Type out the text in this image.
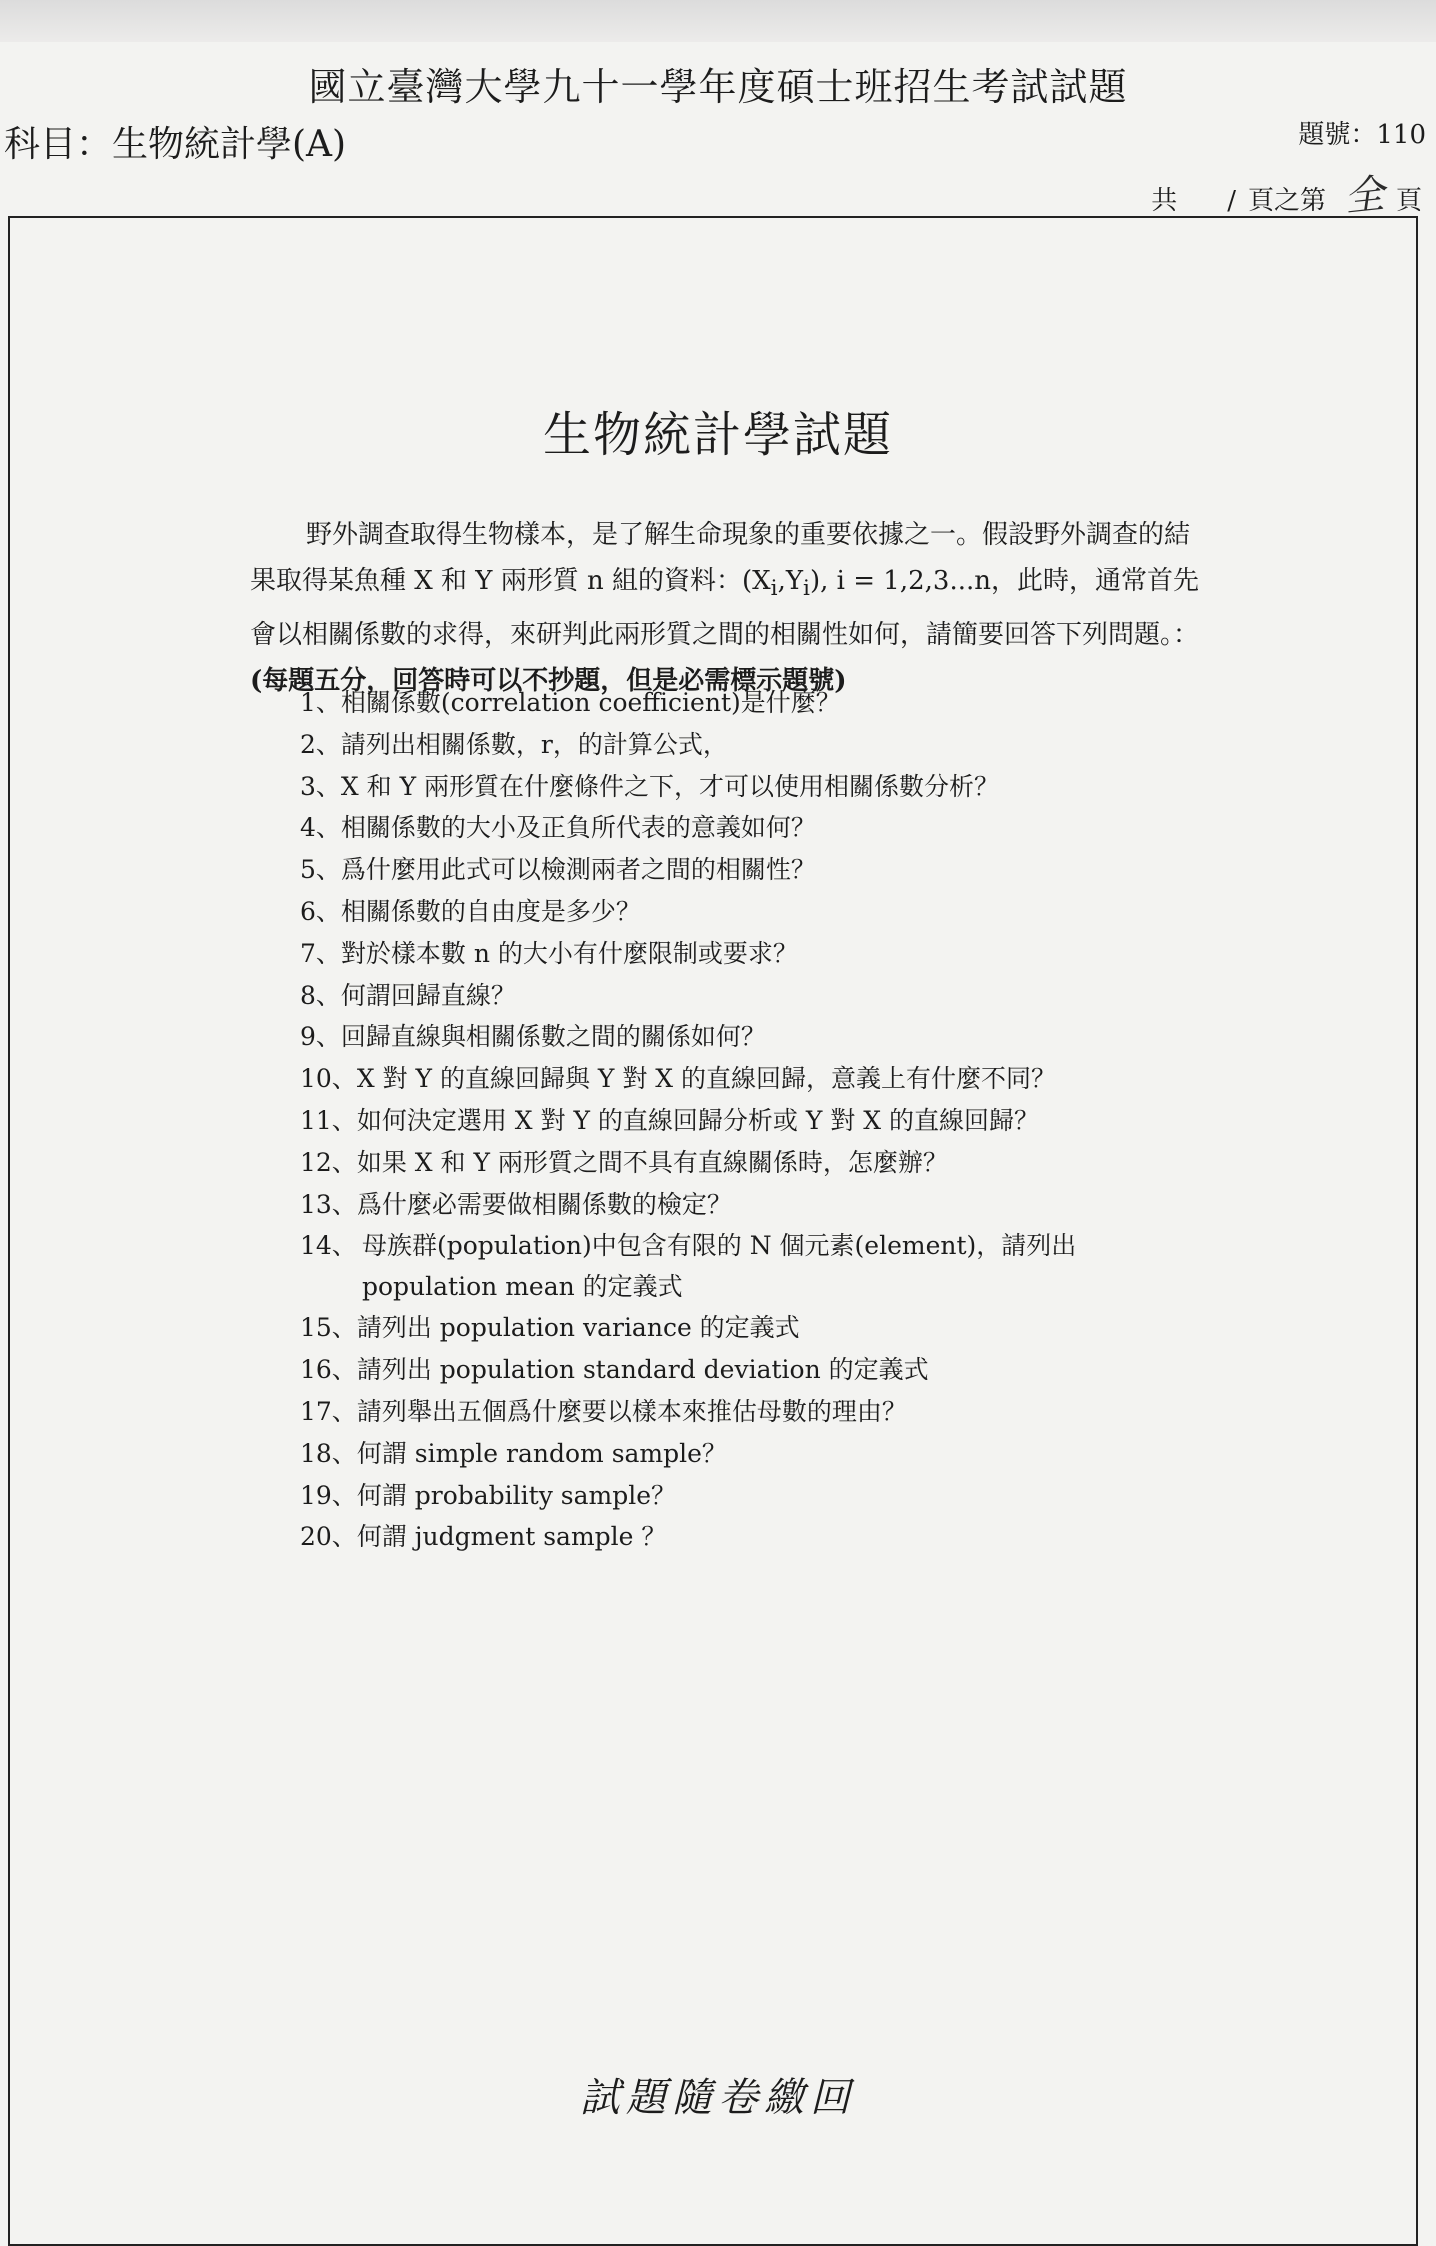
國立臺灣大學九十一學年度碩士班招生考試試題
科目：生物統計學(A)	題號：110
共 / 頁之第 全 頁
生物統計學試題

野外調查取得生物樣本，是了解生命現象的重要依據之一。假設野外調查的結果取得某魚種 X 和 Y 兩形質 n 組的資料：$(X_i,Y_i)$, i = 1,2,3...n，此時，通常首先會以相關係數的求得，來研判此兩形質之間的相關性如何，請簡要回答下列問題。：(每題五分，回答時可以不抄題，但是必需標示題號)

1、 相關係數(correlation coefficient)是什麼？
2、 請列出相關係數，r，的計算公式，
3、 X 和 Y 兩形質在什麼條件之下，才可以使用相關係數分析？
4、 相關係數的大小及正負所代表的意義如何？
5、 爲什麼用此式可以檢測兩者之間的相關性？
6、 相關係數的自由度是多少？
7、 對於樣本數 n 的大小有什麼限制或要求？
8、 何謂回歸直線？
9、 回歸直線與相關係數之間的關係如何？
10、 X 對 Y 的直線回歸與 Y 對 X 的直線回歸，意義上有什麼不同？
11、 如何決定選用 X 對 Y 的直線回歸分析或 Y 對 X 的直線回歸？
12、 如果 X 和 Y 兩形質之間不具有直線關係時，怎麼辦？
13、 爲什麼必需要做相關係數的檢定？
14、 母族群(population)中包含有限的 N 個元素(element)，請列出 population mean 的定義式
15、 請列出 population variance 的定義式
16、 請列出 population standard deviation 的定義式
17、 請列舉出五個爲什麼要以樣本來推估母數的理由？
18、 何謂 simple random sample？
19、 何謂 probability sample？
20、 何謂 judgment sample ？
試題隨卷繳回
